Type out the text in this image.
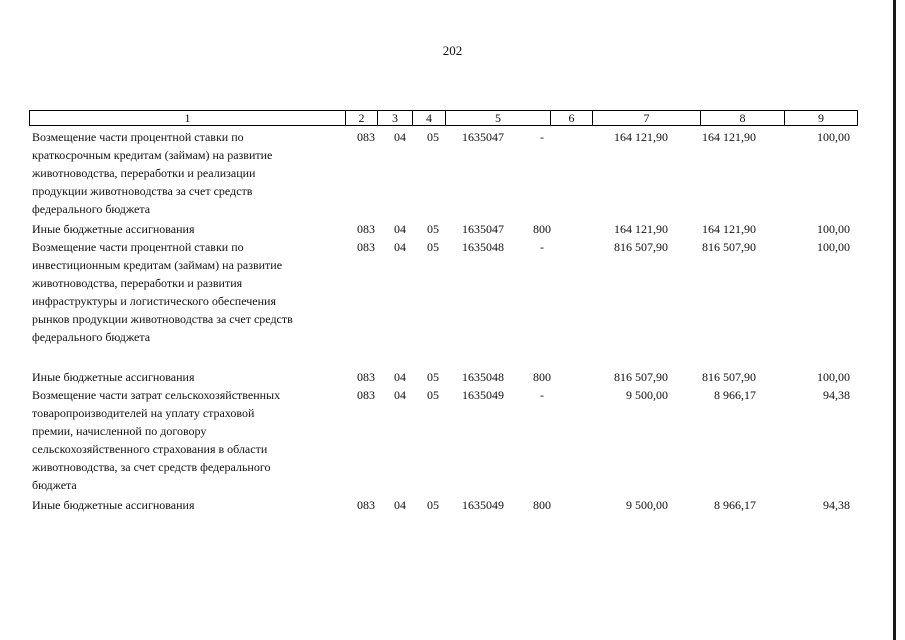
202
1	2	3	4	5	6	7	8	9
Возмещение части процентной ставки по
краткосрочным кредитам (займам) на развитие
животноводства, переработки и реализации
продукции животноводства за счет средств
федерального бюджета
083	04	05	1635047	-	164 121,90	164 121,90	100,00
Иные бюджетные ассигнования	083	04	05	1635047	800	164 121,90	164 121,90	100,00
Возмещение части процентной ставки по
инвестиционным кредитам (займам) на развитие
животноводства, переработки и развития
инфраструктуры и логистического обеспечения
рынков продукции животноводства за счет средств
федерального бюджета
083	04	05	1635048	-	816 507,90	816 507,90	100,00
Иные бюджетные ассигнования	083	04	05	1635048	800	816 507,90	816 507,90	100,00
Возмещение части затрат сельскохозяйственных
товаропроизводителей на уплату страховой
премии, начисленной по договору
сельскохозяйственного страхования в области
животноводства, за счет средств федерального
бюджета
083	04	05	1635049	-	9 500,00	8 966,17	94,38
Иные бюджетные ассигнования	083	04	05	1635049	800	9 500,00	8 966,17	94,38
